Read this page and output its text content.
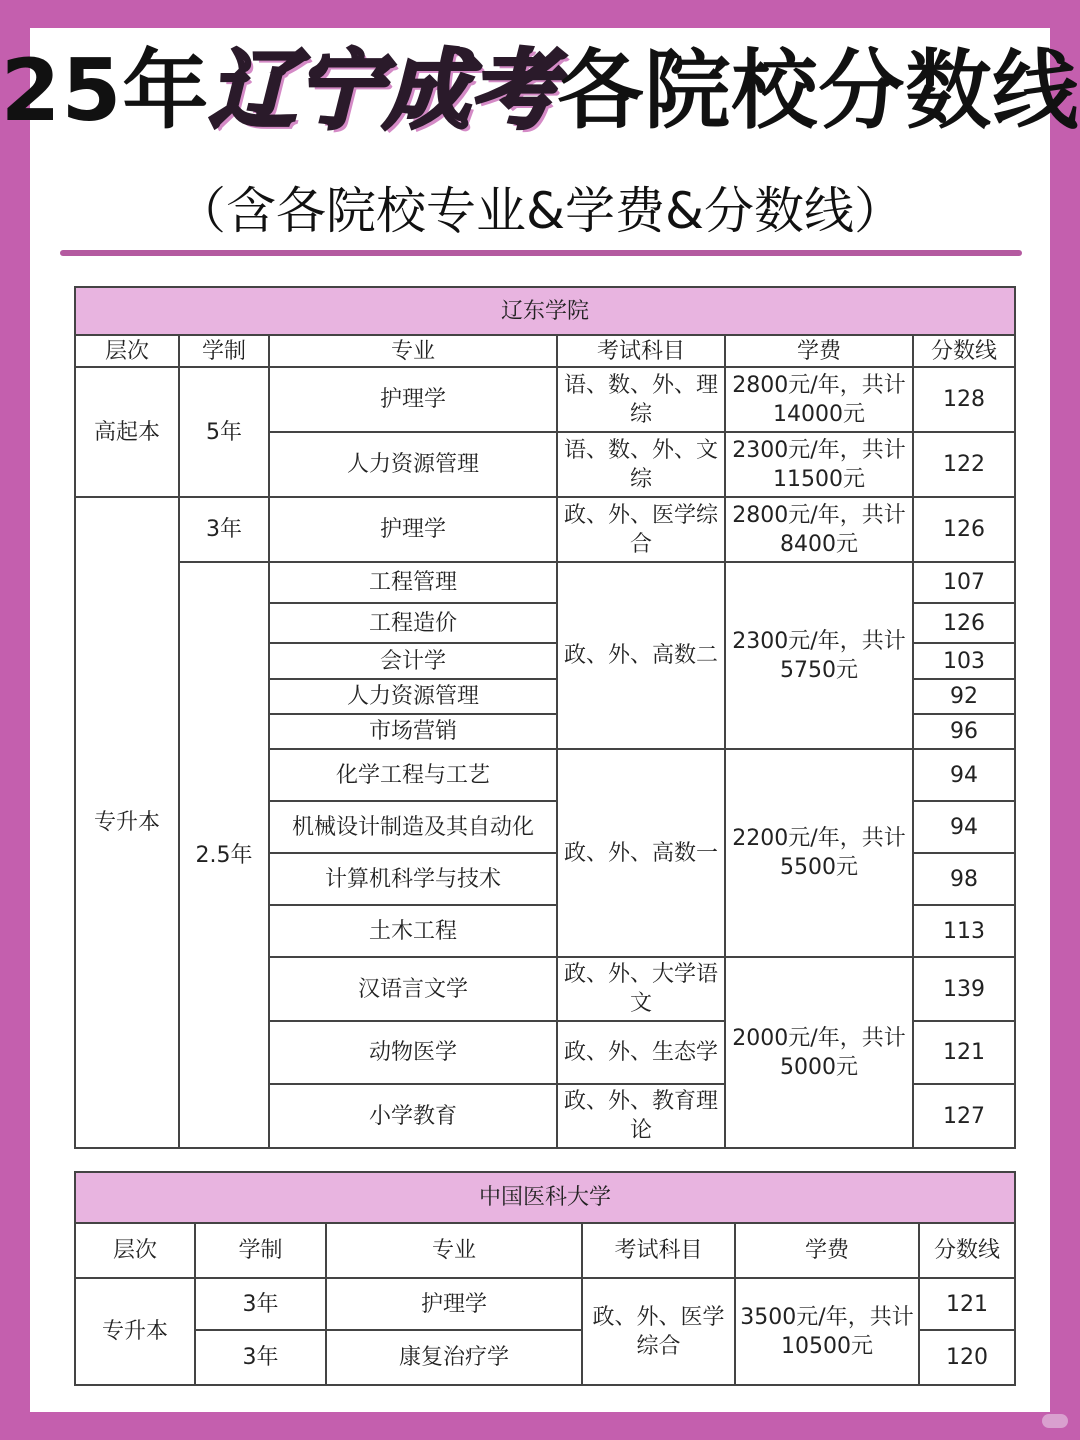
25年辽宁成考各院校分数线
（含各院校专业&学费&分数线）
辽东学院					
层次	学制	专业	考试科目	学费	分数线
高起本	5年	护理学	语、数、外、理综	2800元/年，共计14000元	128
		人力资源管理	语、数、外、文综	2300元/年，共计11500元	122
专升本	3年	护理学	政、外、医学综合	2800元/年，共计8400元	126
	2.5年	工程管理	政、外、高数二	2300元/年，共计5750元	107
		工程造价			126
		会计学			103
		人力资源管理			92
		市场营销			96
		化学工程与工艺	政、外、高数一	2200元/年，共计5500元	94
		机械设计制造及其自动化			94
		计算机科学与技术			98
		土木工程			113
		汉语言文学	政、外、大学语文	2000元/年，共计5000元	139
		动物医学	政、外、生态学		121
		小学教育	政、外、教育理论		127
中国医科大学					
层次	学制	专业	考试科目	学费	分数线
专升本	3年	护理学	政、外、医学综合	3500元/年，共计10500元	121
	3年	康复治疗学			120
